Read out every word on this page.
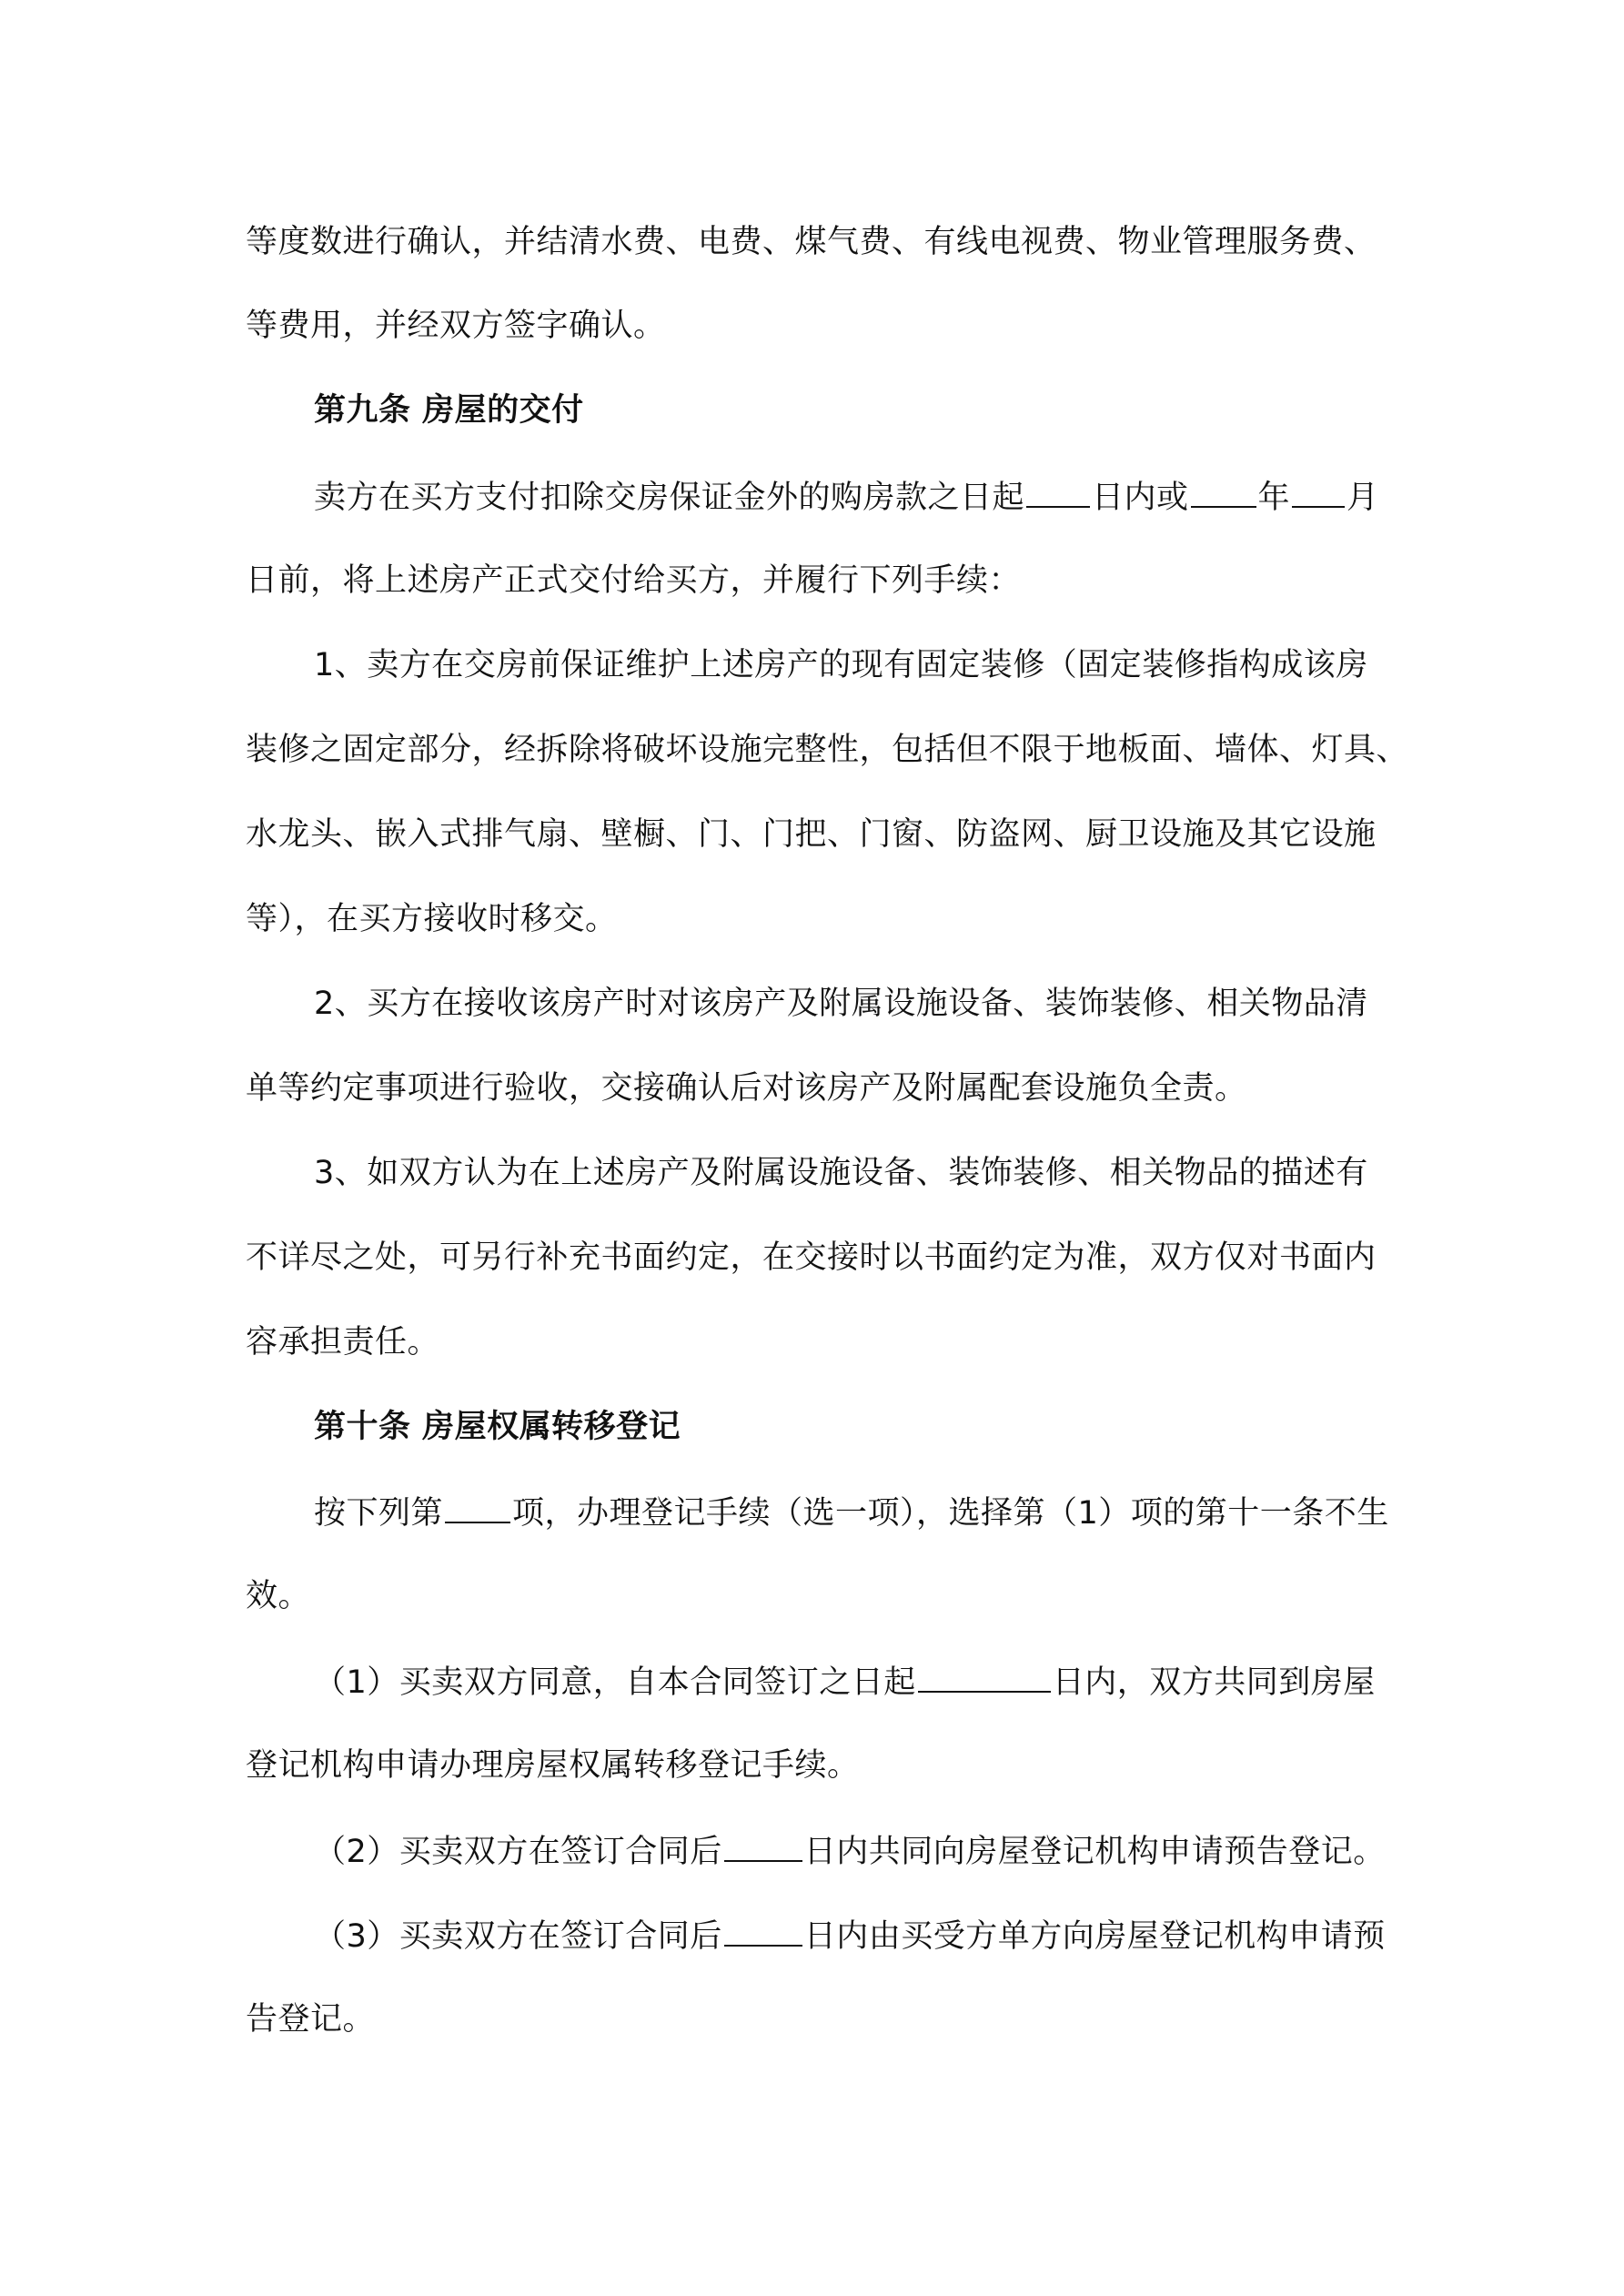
等度数进行确认，并结清水费、电费、煤气费、有线电视费、物业管理服务费、
等费用，并经双方签字确认。
第九条 房屋的交付
卖方在买方支付扣除交房保证金外的购房款之日起 日内或 年 月
日前，将上述房产正式交付给买方，并履行下列手续：
1、卖方在交房前保证维护上述房产的现有固定装修（固定装修指构成该房
装修之固定部分，经拆除将破坏设施完整性，包括但不限于地板面、墙体、灯具、
水龙头、嵌入式排气扇、壁橱、门、门把、门窗、防盗网、厨卫设施及其它设施
等），在买方接收时移交。
2、买方在接收该房产时对该房产及附属设施设备、装饰装修、相关物品清
单等约定事项进行验收，交接确认后对该房产及附属配套设施负全责。
3、如双方认为在上述房产及附属设施设备、装饰装修、相关物品的描述有
不详尽之处，可另行补充书面约定，在交接时以书面约定为准，双方仅对书面内
容承担责任。
第十条 房屋权属转移登记
按下列第 项，办理登记手续（选一项），选择第（1）项的第十一条不生
效。
（1）买卖双方同意，自本合同签订之日起	日内，双方共同到房屋
登记机构申请办理房屋权属转移登记手续。
（2）买卖双方在签订合同后	日内共同向房屋登记机构申请预告登记。
（3）买卖双方在签订合同后	日内由买受方单方向房屋登记机构申请预
告登记。
